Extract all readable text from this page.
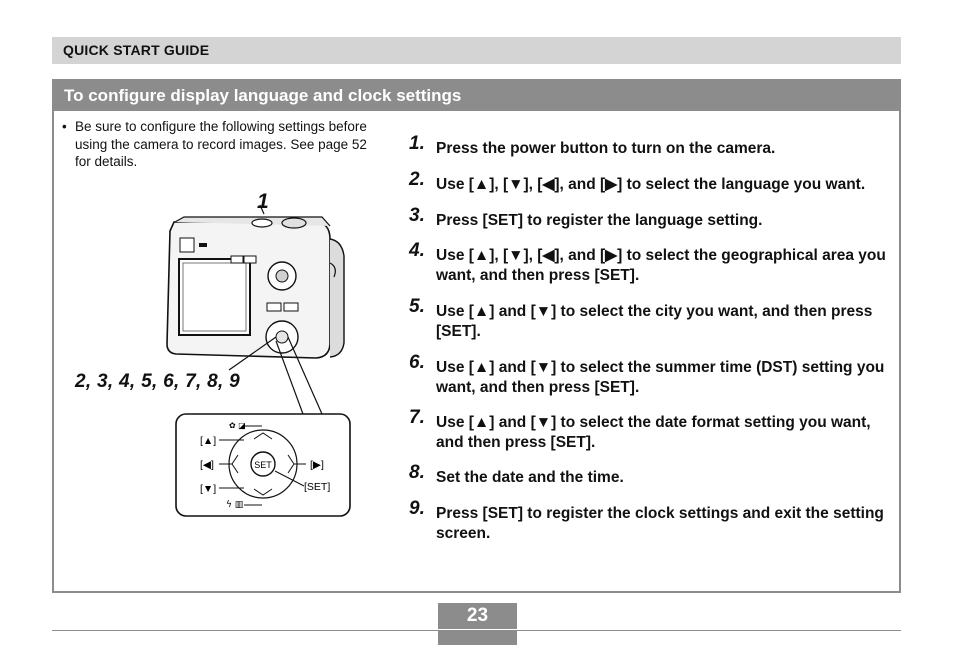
QUICK START GUIDE
To configure display language and clock settings
• Be sure to configure the following settings before using the camera to record images. See page 52 for details.
✿ ◪
ϟ ▥
[▲]
[◀]
[▼]
[▶]
SET
[SET]
1
2, 3, 4, 5, 6, 7, 8, 9
1. Press the power button to turn on the camera.
2. Use [▲], [▼], [◀], and [▶] to select the language you want.
3. Press [SET] to register the language setting.
4. Use [▲], [▼], [◀], and [▶] to select the geographical area you want, and then press [SET].
5. Use [▲] and [▼] to select the city you want, and then press [SET].
6. Use [▲] and [▼] to select the summer time (DST) setting you want, and then press [SET].
7. Use [▲] and [▼] to select the date format setting you want, and then press [SET].
8. Set the date and the time.
9. Press [SET] to register the clock settings and exit the setting screen.
23
